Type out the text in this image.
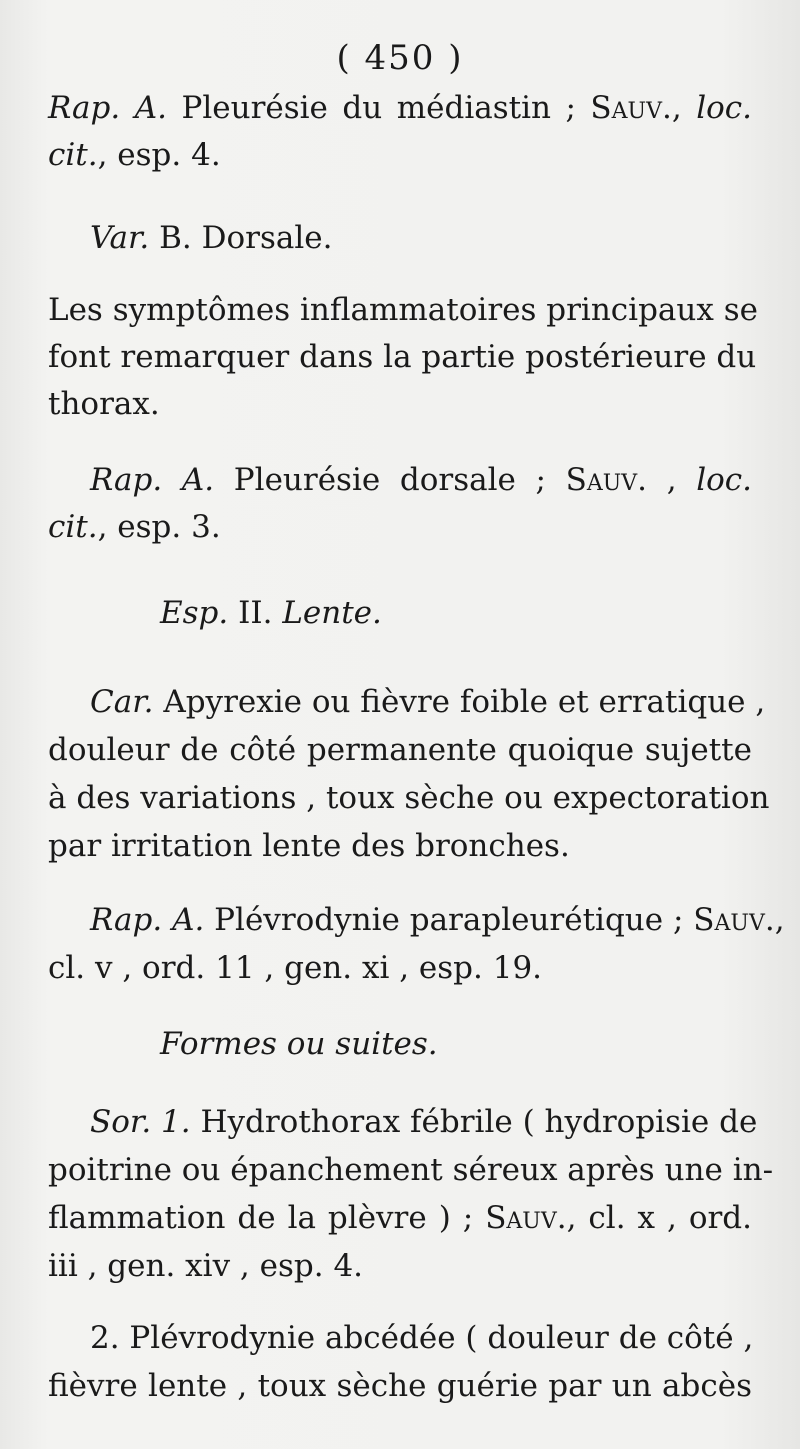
( 450 )
Rap. A. Pleurésie du médiastin ; Sauv., loc.
cit., esp. 4.
Var. B. Dorsale.
Les symptômes inflammatoires principaux se
font remarquer dans la partie postérieure du
thorax.
Rap. A. Pleurésie dorsale ; Sauv. , loc.
cit., esp. 3.
Esp. II. Lente.
Car. Apyrexie ou fièvre foible et erratique ,
douleur de côté permanente quoique sujette
à des variations , toux sèche ou expectoration
par irritation lente des bronches.
Rap. A. Plévrodynie parapleurétique ; Sauv.,
cl. v , ord. 11 , gen. xi , esp. 19.
Formes ou suites.
Sor. 1. Hydrothorax fébrile ( hydropisie de
poitrine ou épanchement séreux après une in-
flammation de la plèvre ) ; Sauv., cl. x , ord.
iii , gen. xiv , esp. 4.
2. Plévrodynie abcédée ( douleur de côté ,
fièvre lente , toux sèche guérie par un abcès
